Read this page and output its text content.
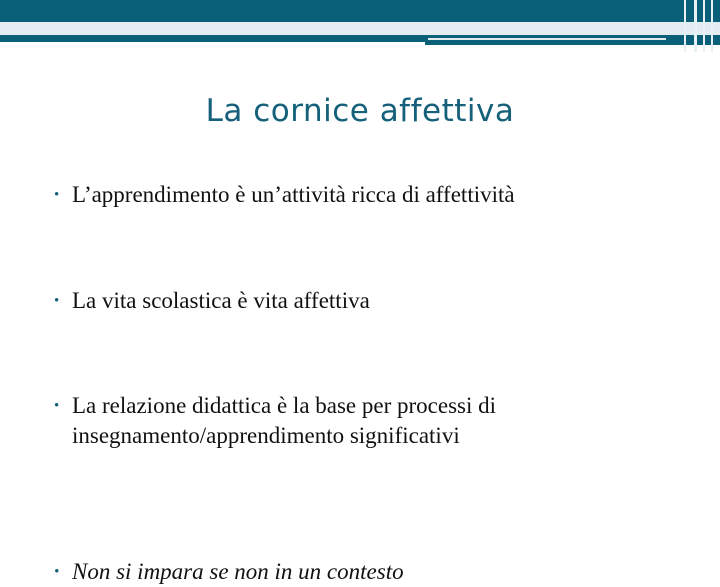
La cornice affettiva
• L’apprendimento è un’attività ricca di affettività
• La vita scolastica è vita affettiva
• La relazione didattica è la base per processi di insegnamento/apprendimento significativi
• Non si impara se non in un contesto
